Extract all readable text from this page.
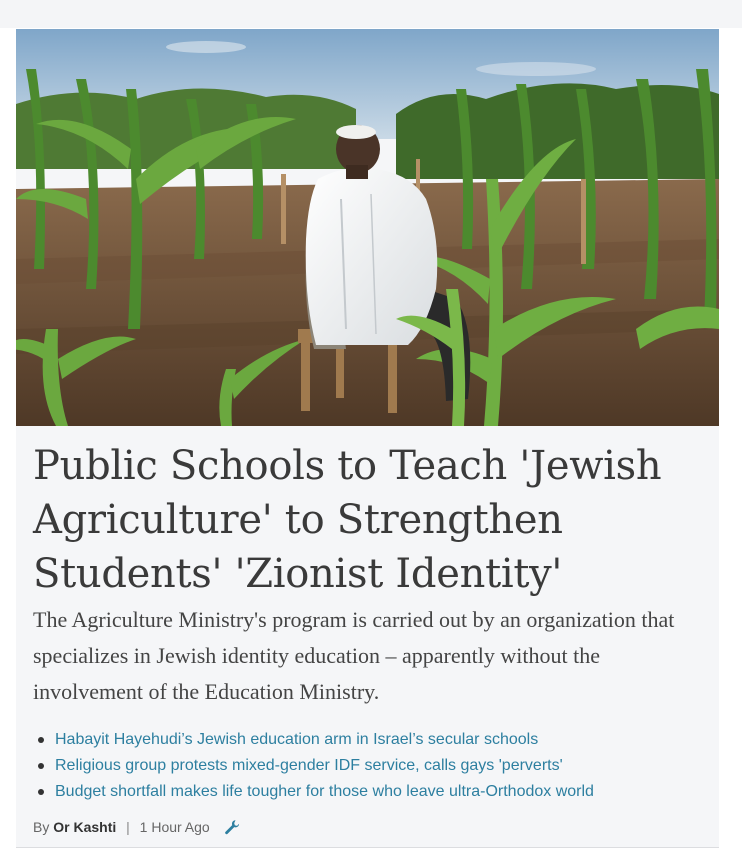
Public Schools to Teach 'Jewish Agriculture' to Strengthen Students' 'Zionist Identity'

The Agriculture Ministry's program is carried out by an organization that specializes in Jewish identity education – apparently without the involvement of the Education Ministry.

Habayit Hayehudi’s Jewish education arm in Israel’s secular schools
Religious group protests mixed-gender IDF service, calls gays 'perverts'
Budget shortfall makes life tougher for those who leave ultra-Orthodox world
By Or Kashti | 1 Hour Ago
